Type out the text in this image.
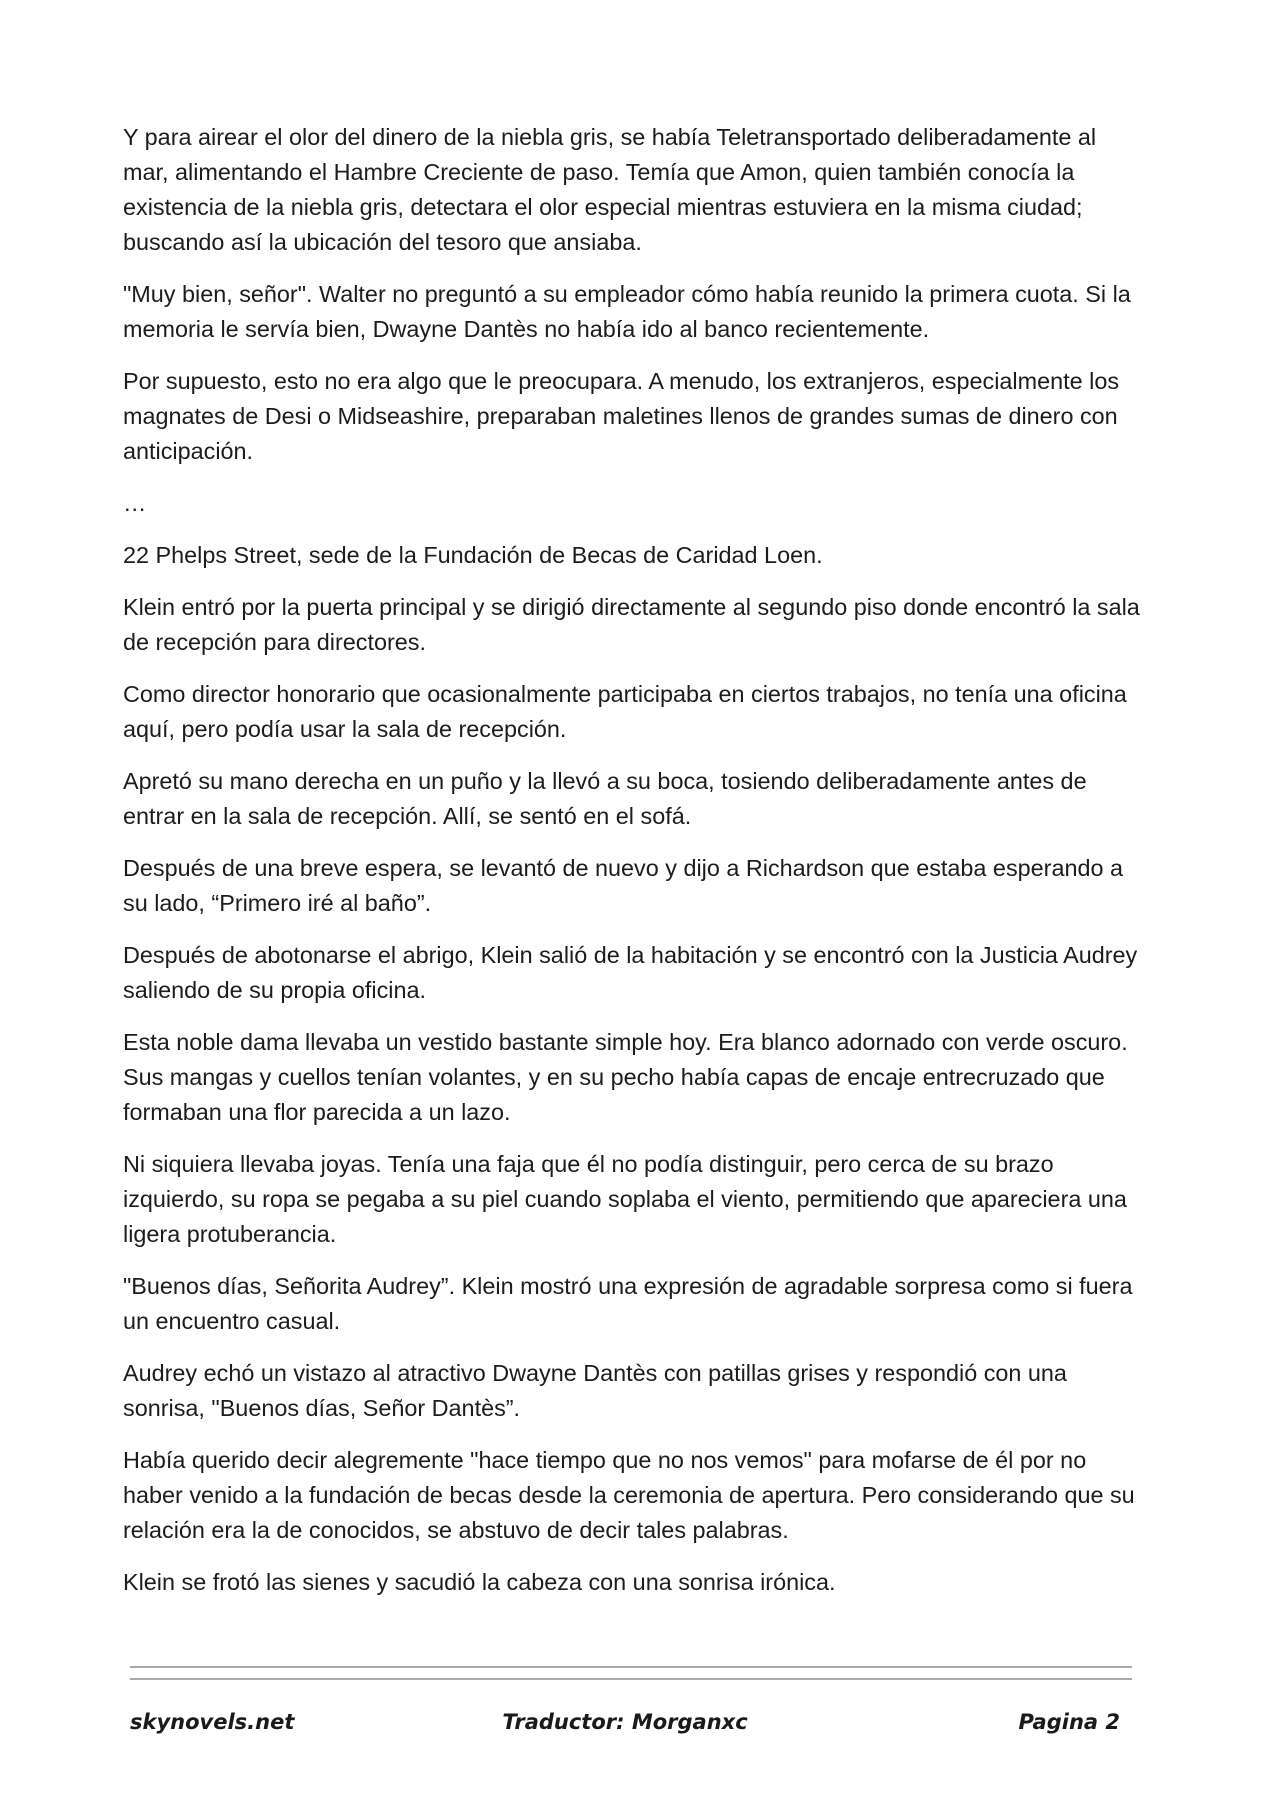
Y para airear el olor del dinero de la niebla gris, se había Teletransportado deliberadamente al mar, alimentando el Hambre Creciente de paso. Temía que Amon, quien también conocía la existencia de la niebla gris, detectara el olor especial mientras estuviera en la misma ciudad; buscando así la ubicación del tesoro que ansiaba.

"Muy bien, señor". Walter no preguntó a su empleador cómo había reunido la primera cuota. Si la memoria le servía bien, Dwayne Dantès no había ido al banco recientemente.

Por supuesto, esto no era algo que le preocupara. A menudo, los extranjeros, especialmente los magnates de Desi o Midseashire, preparaban maletines llenos de grandes sumas de dinero con anticipación.

…

22 Phelps Street, sede de la Fundación de Becas de Caridad Loen.

Klein entró por la puerta principal y se dirigió directamente al segundo piso donde encontró la sala de recepción para directores.

Como director honorario que ocasionalmente participaba en ciertos trabajos, no tenía una oficina aquí, pero podía usar la sala de recepción.

Apretó su mano derecha en un puño y la llevó a su boca, tosiendo deliberadamente antes de entrar en la sala de recepción. Allí, se sentó en el sofá.

Después de una breve espera, se levantó de nuevo y dijo a Richardson que estaba esperando a su lado, “Primero iré al baño”.

Después de abotonarse el abrigo, Klein salió de la habitación y se encontró con la Justicia Audrey saliendo de su propia oficina.

Esta noble dama llevaba un vestido bastante simple hoy. Era blanco adornado con verde oscuro. Sus mangas y cuellos tenían volantes, y en su pecho había capas de encaje entrecruzado que formaban una flor parecida a un lazo.

Ni siquiera llevaba joyas. Tenía una faja que él no podía distinguir, pero cerca de su brazo izquierdo, su ropa se pegaba a su piel cuando soplaba el viento, permitiendo que apareciera una ligera protuberancia.

"Buenos días, Señorita Audrey”. Klein mostró una expresión de agradable sorpresa como si fuera un encuentro casual.

Audrey echó un vistazo al atractivo Dwayne Dantès con patillas grises y respondió con una sonrisa, "Buenos días, Señor Dantès”.

Había querido decir alegremente "hace tiempo que no nos vemos" para mofarse de él por no haber venido a la fundación de becas desde la ceremonia de apertura. Pero considerando que su relación era la de conocidos, se abstuvo de decir tales palabras.

Klein se frotó las sienes y sacudió la cabeza con una sonrisa irónica.

skynovels.net	Traductor: Morganxc	Pagina 2
